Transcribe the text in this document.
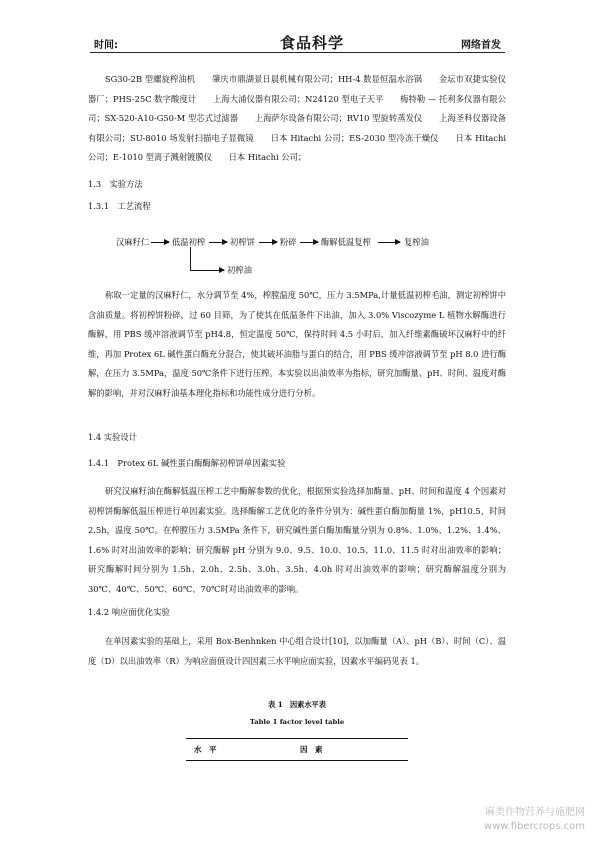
时间:	食品科学	网络首发

SG30-2B 型螺旋榨油机　　肇庆市鼎湖景日晨机械有限公司；HH-4 数显恒温水浴锅　　金坛市双捷实验仪器厂；PHS-25C 数字酸度计　　上海大浦仪器有限公司；N24120 型电子天平　　梅特勒 — 托利多仪器有限公司；SX-520-A10-G50-M 型芯式过滤器　　上海萨尔设备有限公司；RV10 型旋转蒸发仪　　上海圣科仪器设备有限公司；SU-8010 场发射扫描电子显微镜　　日本 Hitachi 公司；ES-2030 型冷冻干燥仪　　日本 Hitachi 公司；E-1010 型离子溅射镀膜仪　　日本 Hitachi 公司；

1.3　实验方法
1.3.1　工艺流程
汉麻籽仁	低温初榨	初榨饼	粉碎	酶解低温复榨	复榨油
初榨油

称取一定量的汉麻籽仁，水分调节至 4%，榨膛温度 50℃，压力 3.5MPa,计量低温初榨毛油，测定初榨饼中含油质量。将初榨饼粉碎，过 60 目筛，为了使其在低温条件下出油，加入 3.0% Viscozyme L 植物水解酶进行酶解，用 PBS 缓冲溶液调节至 pH4.8，恒定温度 50℃，保持时间 4.5 小时后，加入纤维素酶破坏汉麻籽中的纤维，再加 Protex 6L 碱性蛋白酶充分混合，使其破坏油脂与蛋白的结合，用 PBS 缓冲溶液调节至 pH 8.0 进行酶解，在压力 3.5MPa，温度 50℃条件下进行压榨。本实验以出油效率为指标，研究加酶量、pH、时间、温度对酶解的影响，并对汉麻籽油基本理化指标和功能性成分进行分析。

1.4 实验设计
1.4.1　Protex 6L 碱性蛋白酶酶解初榨饼单因素实验

研究汉麻籽油在酶解低温压榨工艺中酶解参数的优化，根据预实验选择加酶量、pH、时间和温度 4 个因素对初榨饼酶解低温压榨进行单因素实验。选择酶解工艺优化的条件分别为：碱性蛋白酶加酶量 1%，pH10.5，时间 2.5h，温度 50℃。在榨膛压力 3.5MPa 条件下，研究碱性蛋白酶加酶量分别为 0.8%、1.0%、1.2%、1.4%、1.6% 时对出油效率的影响；研究酶解 pH 分别为 9.0、9.5、10.0、10.5、11.0、11.5 时对出油效率的影响；研究酶解时间分别为 1.5h、2.0h、2.5h、3.0h、3.5h、4.0h 时对出油效率的影响；研究酶解温度分别为 30℃、40℃、50℃、60℃、70℃时对出油效率的影响。

1.4.2 响应面优化实验

在单因素实验的基础上，采用 Box-Benhnken 中心组合设计[10]，以加酶量（A）、pH（B）、时间（C）、温度（D）以出油效率（R）为响应面值设计四因素三水平响应面实验，因素水平编码见表 1。

表 1　因素水平表
Table 1 factor level table
水　平	因　素
麻类作物营养与施肥网
www.fibercrops.com
